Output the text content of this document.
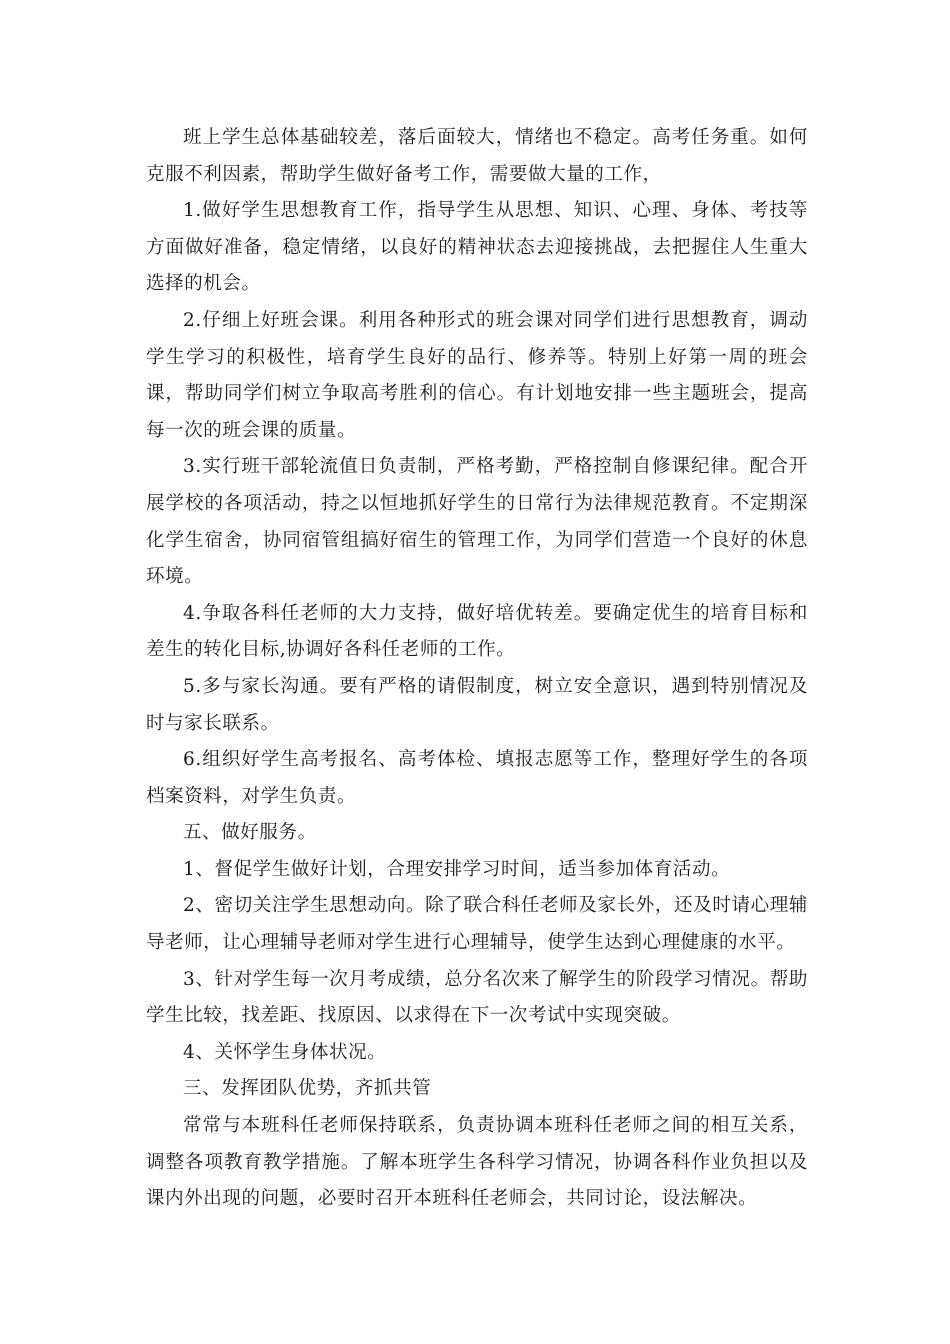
班上学生总体基础较差，落后面较大，情绪也不稳定。高考任务重。如何克服不利因素，帮助学生做好备考工作，需要做大量的工作，

1.做好学生思想教育工作，指导学生从思想、知识、心理、身体、考技等方面做好准备，稳定情绪，以良好的精神状态去迎接挑战，去把握住人生重大选择的机会。

2.仔细上好班会课。利用各种形式的班会课对同学们进行思想教育，调动学生学习的积极性，培育学生良好的品行、修养等。特别上好第一周的班会课，帮助同学们树立争取高考胜利的信心。有计划地安排一些主题班会，提高每一次的班会课的质量。

3.实行班干部轮流值日负责制，严格考勤，严格控制自修课纪律。配合开展学校的各项活动，持之以恒地抓好学生的日常行为法律规范教育。不定期深化学生宿舍，协同宿管组搞好宿生的管理工作，为同学们营造一个良好的休息环境。

4.争取各科任老师的大力支持，做好培优转差。要确定优生的培育目标和差生的转化目标,协调好各科任老师的工作。

5.多与家长沟通。要有严格的请假制度，树立安全意识，遇到特别情况及时与家长联系。

6.组织好学生高考报名、高考体检、填报志愿等工作，整理好学生的各项档案资料，对学生负责。

五、做好服务。

1、督促学生做好计划，合理安排学习时间，适当参加体育活动。

2、密切关注学生思想动向。除了联合科任老师及家长外，还及时请心理辅导老师，让心理辅导老师对学生进行心理辅导，使学生达到心理健康的水平。

3、针对学生每一次月考成绩，总分名次来了解学生的阶段学习情况。帮助学生比较，找差距、找原因、以求得在下一次考试中实现突破。

4、关怀学生身体状况。

三、发挥团队优势，齐抓共管

常常与本班科任老师保持联系，负责协调本班科任老师之间的相互关系，调整各项教育教学措施。了解本班学生各科学习情况，协调各科作业负担以及课内外出现的问题，必要时召开本班科任老师会，共同讨论，设法解决。
